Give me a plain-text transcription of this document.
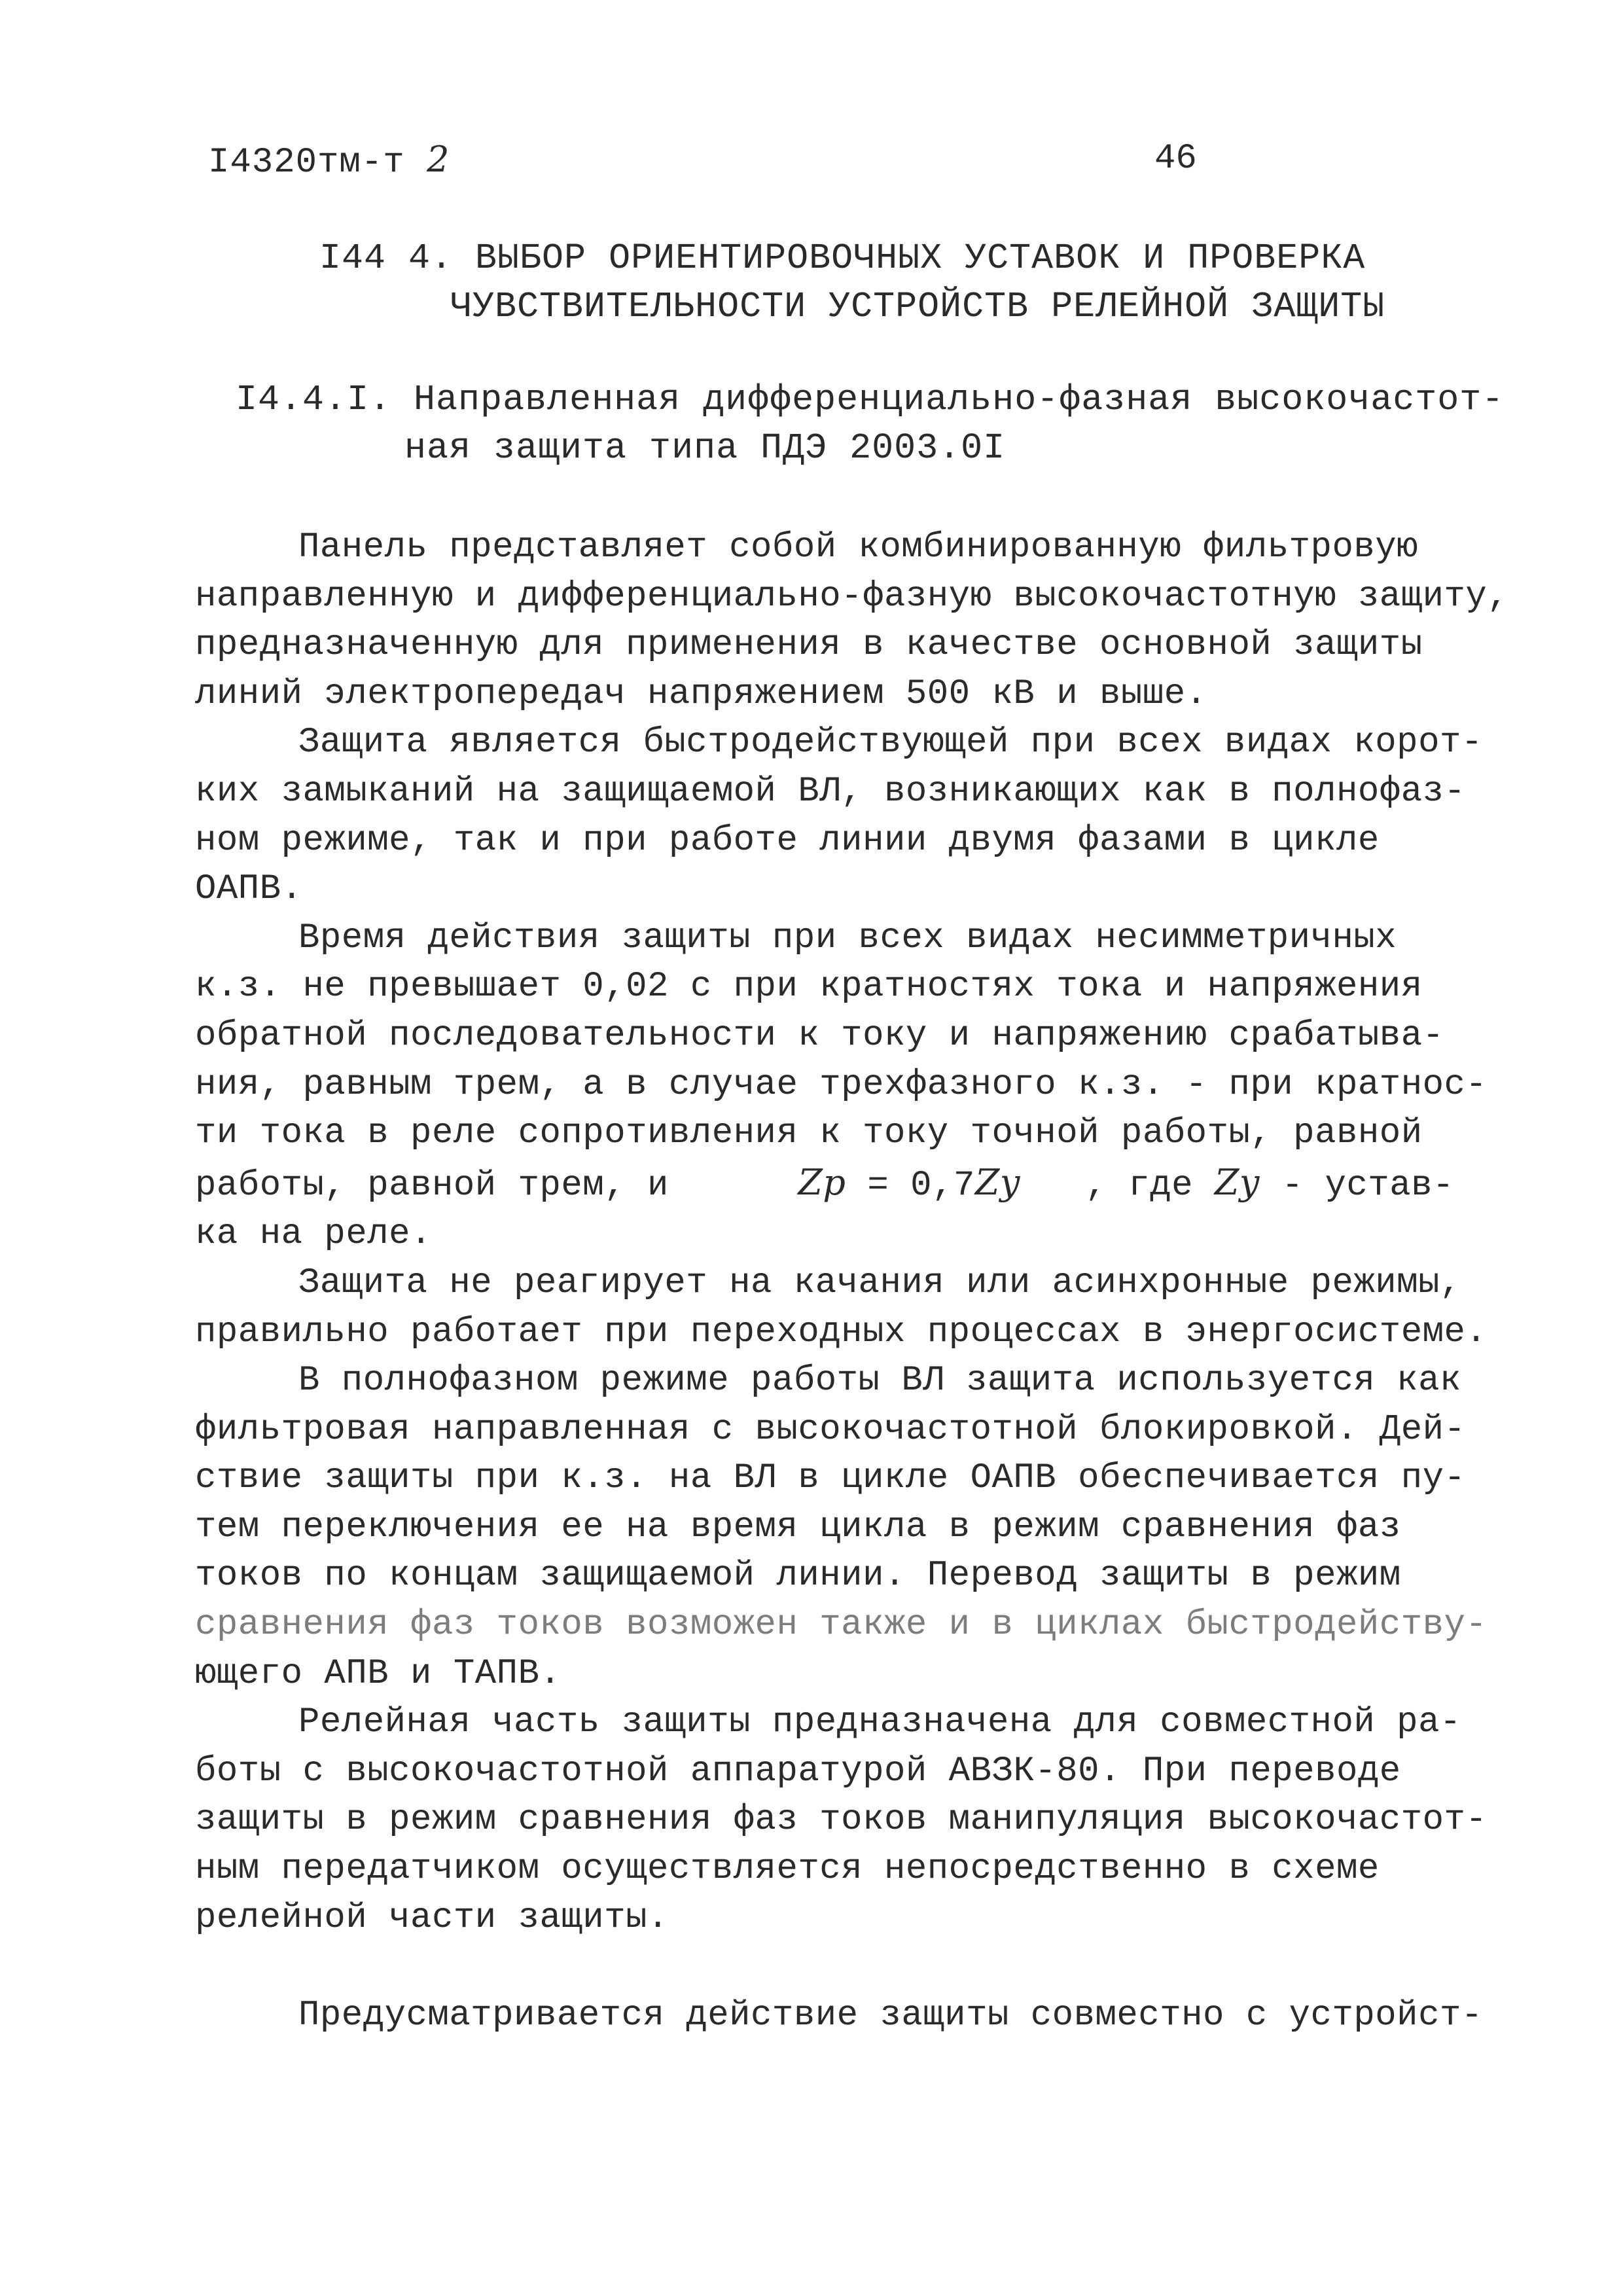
I4320тм-т 2	46
I44 4. ВЫБОР ОРИЕНТИРОВОЧНЫХ УСТАВОК И ПРОВЕРКА
ЧУВСТВИТЕЛЬНОСТИ УСТРОЙСТВ РЕЛЕЙНОЙ ЗАЩИТЫ
I4.4.I. Направленная дифференциально-фазная высокочастот-
ная защита типа ПДЭ 2003.0I
Панель представляет собой комбинированную фильтровую
направленную и дифференциально-фазную высокочастотную защиту,
предназначенную для применения в качестве основной защиты
линий электропередач напряжением 500 кВ и выше.
Защита является быстродействующей при всех видах корот-
ких замыканий на защищаемой ВЛ, возникающих как в полнофаз-
ном режиме, так и при работе линии двумя фазами в цикле
ОАПВ.
Время действия защиты при всех видах несимметричных
к.з. не превышает 0,02 с при кратностях тока и напряжения
обратной последовательности к току и напряжению срабатыва-
ния, равным трем, а в случае трехфазного к.з. - при кратнос-
ти тока в реле сопротивления к току точной работы, равной
работы, равной трем, и	Zр = 0,7Zу , где Zу - устав-
ка на реле.
Защита не реагирует на качания или асинхронные режимы,
правильно работает при переходных процессах в энергосистеме.
В полнофазном режиме работы ВЛ защита используется как
фильтровая направленная с высокочастотной блокировкой. Дей-
ствие защиты при к.з. на ВЛ в цикле ОАПВ обеспечивается пу-
тем переключения ее на время цикла в режим сравнения фаз
токов по концам защищаемой линии. Перевод защиты в режим
сравнения фаз токов возможен также и в циклах быстродейству-
ющего АПВ и ТАПВ.
Релейная часть защиты предназначена для совместной ра-
боты с высокочастотной аппаратурой АВЗК-80. При переводе
защиты в режим сравнения фаз токов манипуляция высокочастот-
ным передатчиком осуществляется непосредственно в схеме
релейной части защиты.
Предусматривается действие защиты совместно с устройст-
